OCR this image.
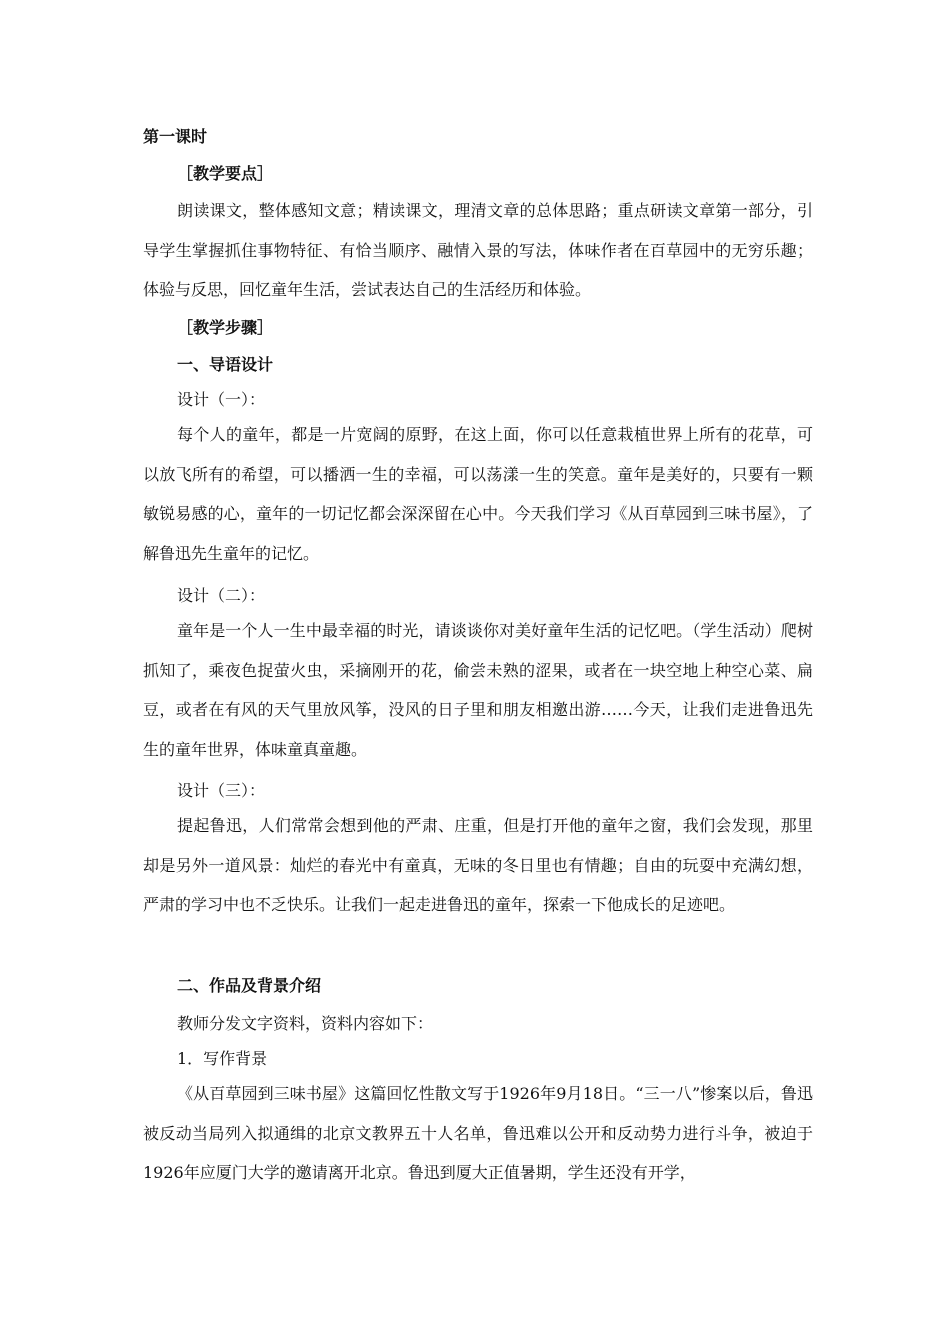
第一课时
［教学要点］
朗读课文，整体感知文意；精读课文，理清文章的总体思路；重点研读文章第一部分，引导学生掌握抓住事物特征、有恰当顺序、融情入景的写法，体味作者在百草园中的无穷乐趣；体验与反思，回忆童年生活，尝试表达自己的生活经历和体验。
［教学步骤］
一、导语设计
设计（一）：
每个人的童年，都是一片宽阔的原野，在这上面，你可以任意栽植世界上所有的花草，可以放飞所有的希望，可以播洒一生的幸福，可以荡漾一生的笑意。童年是美好的，只要有一颗敏锐易感的心，童年的一切记忆都会深深留在心中。今天我们学习《从百草园到三味书屋》，了解鲁迅先生童年的记忆。
设计（二）：
童年是一个人一生中最幸福的时光，请谈谈你对美好童年生活的记忆吧。（学生活动）爬树抓知了，乘夜色捉萤火虫，采摘刚开的花，偷尝未熟的涩果，或者在一块空地上种空心菜、扁豆，或者在有风的天气里放风筝，没风的日子里和朋友相邀出游……今天，让我们走进鲁迅先生的童年世界，体味童真童趣。
设计（三）：
提起鲁迅，人们常常会想到他的严肃、庄重，但是打开他的童年之窗，我们会发现，那里却是另外一道风景：灿烂的春光中有童真，无味的冬日里也有情趣；自由的玩耍中充满幻想，严肃的学习中也不乏快乐。让我们一起走进鲁迅的童年，探索一下他成长的足迹吧。
二、作品及背景介绍
教师分发文字资料，资料内容如下：
1．写作背景
《从百草园到三味书屋》这篇回忆性散文写于1926年9月18日。“三一八”惨案以后，鲁迅被反动当局列入拟通缉的北京文教界五十人名单，鲁迅难以公开和反动势力进行斗争，被迫于1926年应厦门大学的邀请离开北京。鲁迅到厦大正值暑期，学生还没有开学，
